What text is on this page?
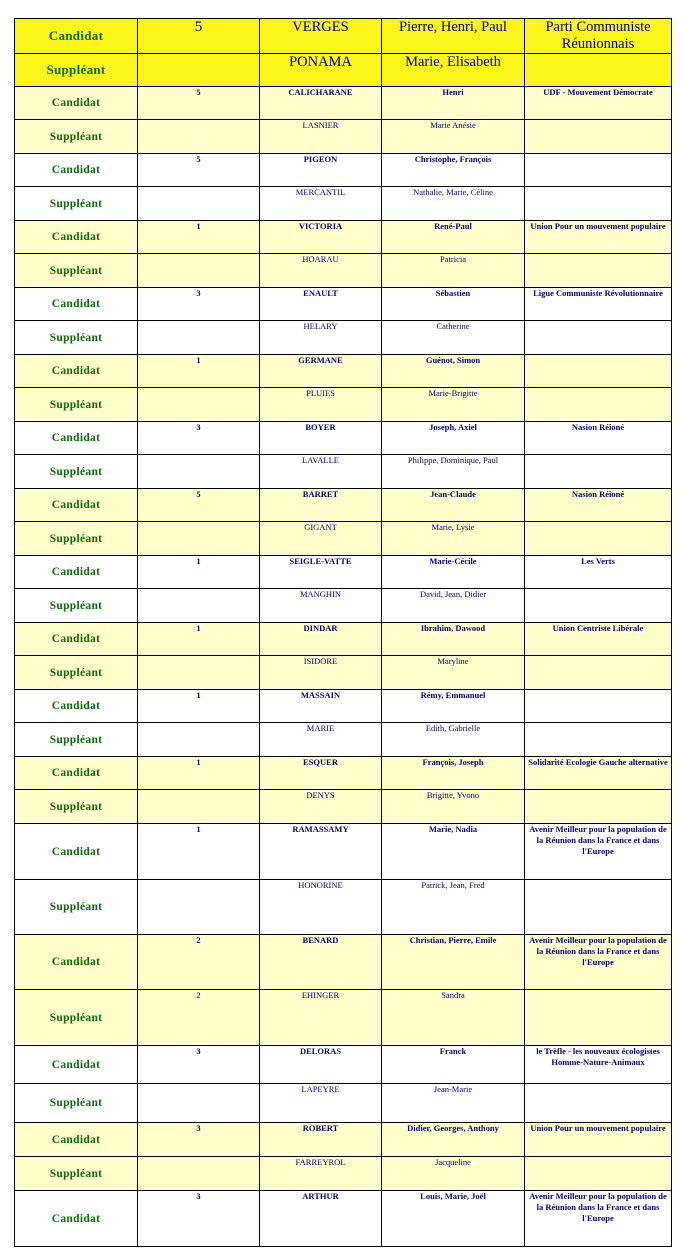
Candidat	5	VERGES	Pierre, Henri, Paul	Parti Communiste Réunionnais
Suppléant		PONAMA	Marie, Elisabeth	
Candidat	5	CALICHARANE	Henri	UDF - Mouvement Démocrate
Suppléant		LASNIER	Marie Anésie	
Candidat	5	PIGEON	Christophe, François	
Suppléant		MERCANTIL	Nathalie, Marie, Céline	
Candidat	1	VICTORIA	René-Paul	Union Pour un mouvement populaire
Suppléant		HOARAU	Patricia	
Candidat	3	ENAULT	Sébastien	Ligue Communiste Révolutionnaire
Suppléant		HELARY	Catherine	
Candidat	1	GERMANE	Guénot, Simon	
Suppléant		PLUIES	Marie-Brigitte	
Candidat	3	BOYER	Joseph, Axiel	Nasion Réioné
Suppléant		LAVALLE	Philippe, Dominique, Paul	
Candidat	5	BARRET	Jean-Claude	Nasion Réioné
Suppléant		GIGANT	Marie, Lysie	
Candidat	1	SEIGLE-VATTE	Marie-Cécile	Les Verts
Suppléant		MANGHIN	David, Jean, Didier	
Candidat	1	DINDAR	Ibrahim, Dawood	Union Centriste Libérale
Suppléant		ISIDORE	Maryline	
Candidat	1	MASSAIN	Rémy, Emmanuel	
Suppléant		MARIE	Edith, Gabrielle	
Candidat	1	ESQUER	François, Joseph	Solidarité Ecologie Gauche alternative
Suppléant		DENYS	Brigitte, Yvono	
Candidat	1	RAMASSAMY	Marie, Nadia	Avenir Meilleur pour la population de la Réunion dans la France et dans l'Europe
Suppléant		HONORINE	Patrick, Jean, Fred	
Candidat	2	BENARD	Christian, Pierre, Emile	Avenir Meilleur pour la population de la Réunion dans la France et dans l'Europe
Suppléant	2	EHINGER	Sandra	
Candidat	3	DELORAS	Franck	le Trèfle - les nouveaux écologistes Homme-Nature-Animaux
Suppléant		LAPEYRE	Jean-Marie	
Candidat	3	ROBERT	Didier, Georges, Anthony	Union Pour un mouvement populaire
Suppléant		FARREYROL	Jacqueline	
Candidat	3	ARTHUR	Louis, Marie, Joël	Avenir Meilleur pour la population de la Réunion dans la France et dans l'Europe
